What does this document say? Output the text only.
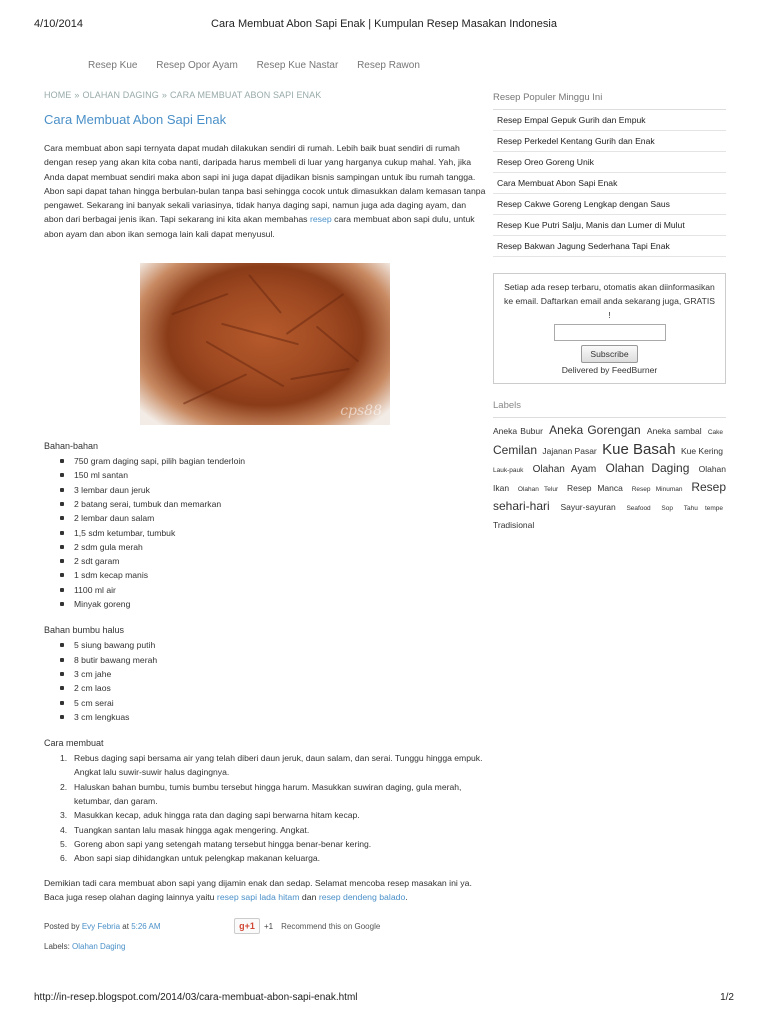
4/10/2014	Cara Membuat Abon Sapi Enak | Kumpulan Resep Masakan Indonesia
Resep Kue Resep Opor Ayam Resep Kue Nastar Resep Rawon
HOME » OLAHAN DAGING » CARA MEMBUAT ABON SAPI ENAK
Cara Membuat Abon Sapi Enak

Cara membuat abon sapi ternyata dapat mudah dilakukan sendiri di rumah. Lebih baik buat sendiri di rumah dengan resep yang akan kita coba nanti, daripada harus membeli di luar yang harganya cukup mahal. Yah, jika Anda dapat membuat sendiri maka abon sapi ini juga dapat dijadikan bisnis sampingan untuk ibu rumah tangga. Abon sapi dapat tahan hingga berbulan-bulan tanpa basi sehingga cocok untuk dimasukkan dalam kemasan tanpa pengawet. Sekarang ini banyak sekali variasinya, tidak hanya daging sapi, namun juga ada daging ayam, dan abon dari berbagai jenis ikan. Tapi sekarang ini kita akan membahas resep cara membuat abon sapi dulu, untuk abon ayam dan abon ikan semoga lain kali dapat menyusul.

cps88
Bahan-bahan
750 gram daging sapi, pilih bagian tenderloin
150 ml santan
3 lembar daun jeruk
2 batang serai, tumbuk dan memarkan
2 lembar daun salam
1,5 sdm ketumbar, tumbuk
2 sdm gula merah
2 sdt garam
1 sdm kecap manis
1100 ml air
Minyak goreng
Bahan bumbu halus
5 siung bawang putih
8 butir bawang merah
3 cm jahe
2 cm laos
5 cm serai
3 cm lengkuas
Cara membuat
1. Rebus daging sapi bersama air yang telah diberi daun jeruk, daun salam, dan serai. Tunggu hingga empuk. Angkat lalu suwir-suwir halus dagingnya.
2. Haluskan bahan bumbu, tumis bumbu tersebut hingga harum. Masukkan suwiran daging, gula merah, ketumbar, dan garam.
3. Masukkan kecap, aduk hingga rata dan daging sapi berwarna hitam kecap.
4. Tuangkan santan lalu masak hingga agak mengering. Angkat.
5. Goreng abon sapi yang setengah matang tersebut hingga benar-benar kering.
6. Abon sapi siap dihidangkan untuk pelengkap makanan keluarga.

Demikian tadi cara membuat abon sapi yang dijamin enak dan sedap. Selamat mencoba resep masakan ini ya. Baca juga resep olahan daging lainnya yaitu resep sapi lada hitam dan resep dendeng balado.

Posted by Evy Febria at 5:26 AM	g+1	+1 Recommend this on Google
Labels: Olahan Daging
Resep Populer Minggu Ini
Resep Empal Gepuk Gurih dan Empuk
Resep Perkedel Kentang Gurih dan Enak
Resep Oreo Goreng Unik
Cara Membuat Abon Sapi Enak
Resep Cakwe Goreng Lengkap dengan Saus
Resep Kue Putri Salju, Manis dan Lumer di Mulut
Resep Bakwan Jagung Sederhana Tapi Enak
Setiap ada resep terbaru, otomatis akan diinformasikan ke email. Daftarkan email anda sekarang juga, GRATIS !
Subscribe
Delivered by FeedBurner
Labels
Aneka Bubur Aneka Gorengan Aneka sambal Cake Cemilan Jajanan Pasar Kue Basah Kue Kering Lauk-pauk Olahan Ayam Olahan Daging Olahan Ikan Olahan Telur Resep Manca Resep Minuman Resep sehari-hari Sayur-sayuran Seafood Sop Tahu tempe Tradisional
http://in-resep.blogspot.com/2014/03/cara-membuat-abon-sapi-enak.html	1/2
